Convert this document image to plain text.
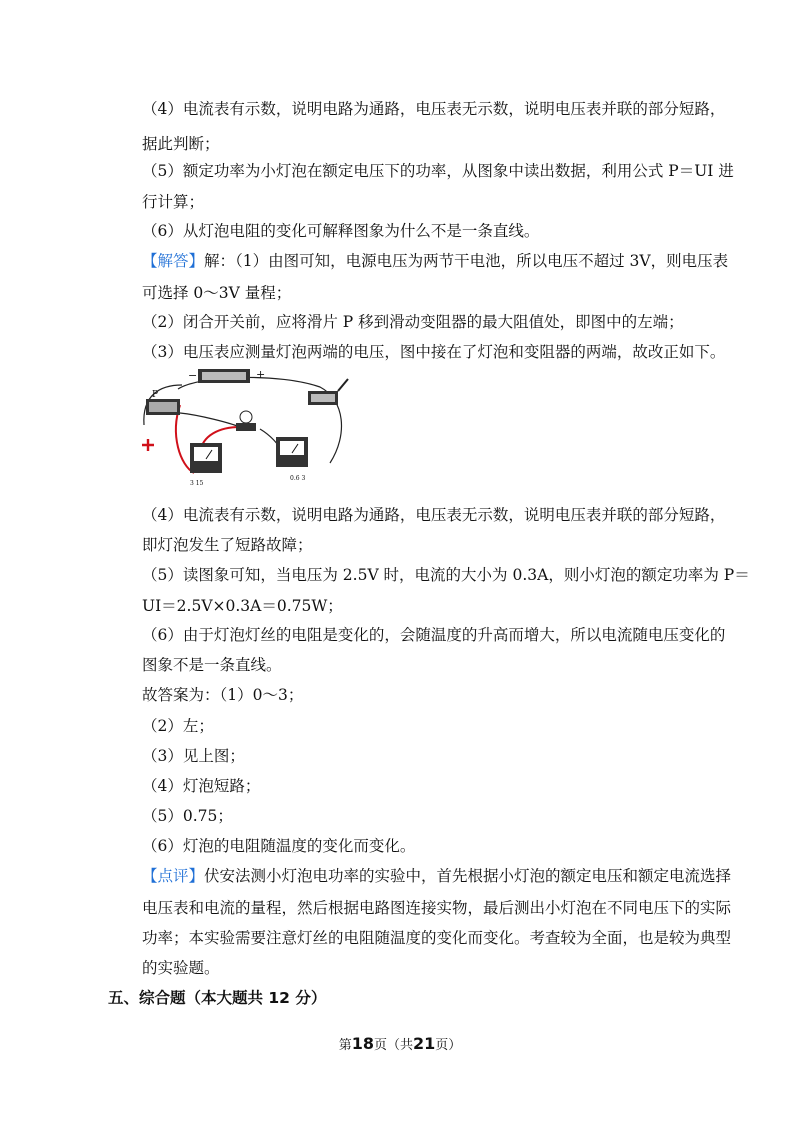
（4）电流表有示数，说明电路为通路，电压表无示数，说明电压表并联的部分短路，
据此判断；
（5）额定功率为小灯泡在额定电压下的功率，从图象中读出数据，利用公式 P＝UI 进
行计算；
（6）从灯泡电阻的变化可解释图象为什么不是一条直线。
【解答】解：（1）由图可知，电源电压为两节干电池，所以电压不超过 3V，则电压表
可选择 0～3V 量程；
（2）闭合开关前，应将滑片 P 移到滑动变阻器的最大阻值处，即图中的左端；
（3）电压表应测量灯泡两端的电压，图中接在了灯泡和变阻器的两端，故改正如下。
−	+
P
3 15
0.6 3
（4）电流表有示数，说明电路为通路，电压表无示数，说明电压表并联的部分短路，
即灯泡发生了短路故障；
（5）读图象可知，当电压为 2.5V 时，电流的大小为 0.3A，则小灯泡的额定功率为 P＝
UI＝2.5V×0.3A＝0.75W；
（6）由于灯泡灯丝的电阻是变化的，会随温度的升高而增大，所以电流随电压变化的
图象不是一条直线。
故答案为：（1）0～3；
（2）左；
（3）见上图；
（4）灯泡短路；
（5）0.75；
（6）灯泡的电阻随温度的变化而变化。
【点评】伏安法测小灯泡电功率的实验中，首先根据小灯泡的额定电压和额定电流选择
电压表和电流的量程，然后根据电路图连接实物，最后测出小灯泡在不同电压下的实际
功率；本实验需要注意灯丝的电阻随温度的变化而变化。考查较为全面，也是较为典型
的实验题。
五、综合题（本大题共 12 分）
第18页（共21页）
